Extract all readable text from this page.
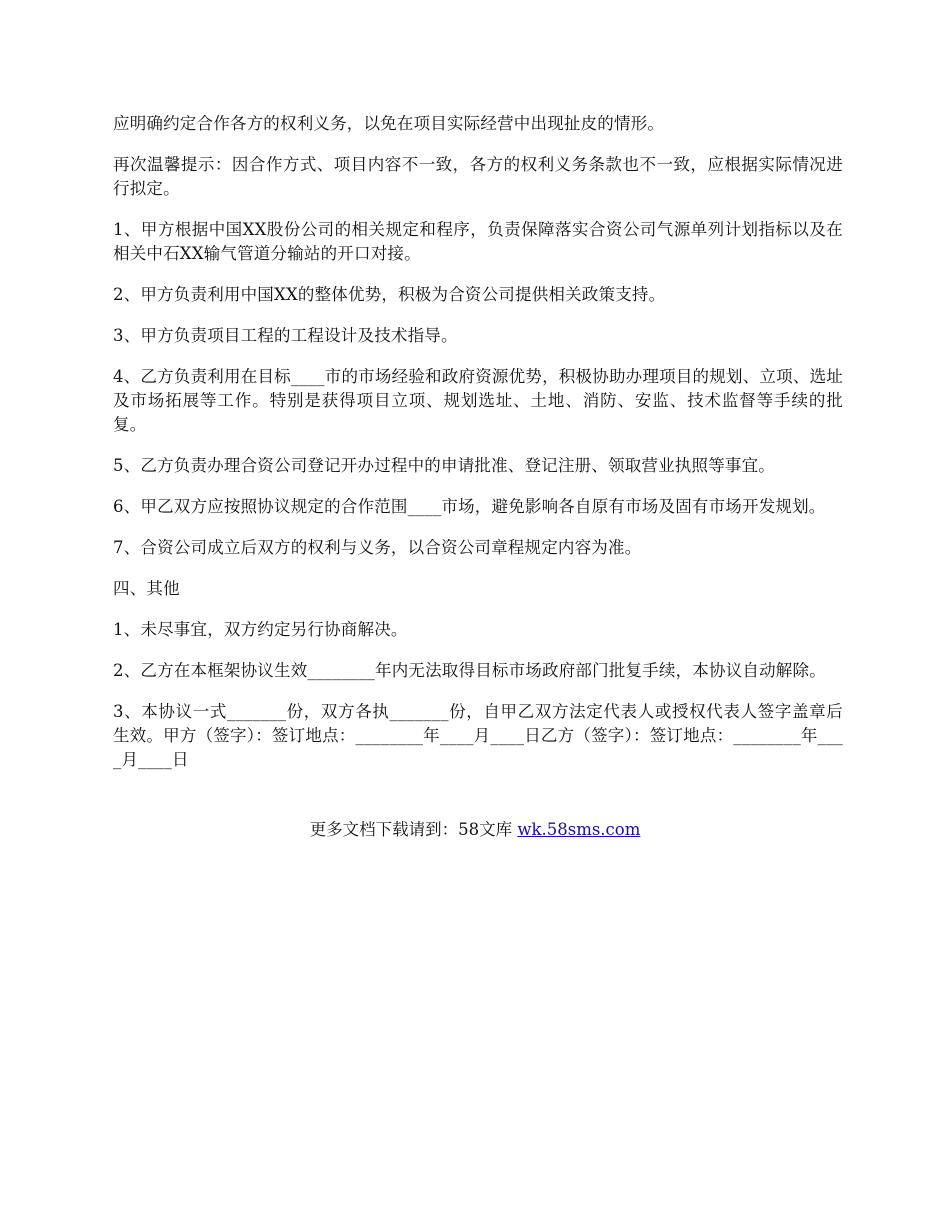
应明确约定合作各方的权利义务，以免在项目实际经营中出现扯皮的情形。

再次温馨提示：因合作方式、项目内容不一致，各方的权利义务条款也不一致，应根据实际情况进行拟定。

1、甲方根据中国XX股份公司的相关规定和程序，负责保障落实合资公司气源单列计划指标以及在相关中石XX输气管道分输站的开口对接。

2、甲方负责利用中国XX的整体优势，积极为合资公司提供相关政策支持。

3、甲方负责项目工程的工程设计及技术指导。

4、乙方负责利用在目标____市的市场经验和政府资源优势，积极协助办理项目的规划、立项、选址及市场拓展等工作。特别是获得项目立项、规划选址、土地、消防、安监、技术监督等手续的批复。

5、乙方负责办理合资公司登记开办过程中的申请批准、登记注册、领取营业执照等事宜。

6、甲乙双方应按照协议规定的合作范围____市场，避免影响各自原有市场及固有市场开发规划。

7、合资公司成立后双方的权利与义务，以合资公司章程规定内容为准。

四、其他

1、未尽事宜，双方约定另行协商解决。

2、乙方在本框架协议生效________年内无法取得目标市场政府部门批复手续，本协议自动解除。

3、本协议一式_______份，双方各执_______份，自甲乙双方法定代表人或授权代表人签字盖章后生效。甲方（签字）：签订地点：________年____月____日乙方（签字）：签订地点：________年____月____日

更多文档下载请到：58文库 wk.58sms.com
